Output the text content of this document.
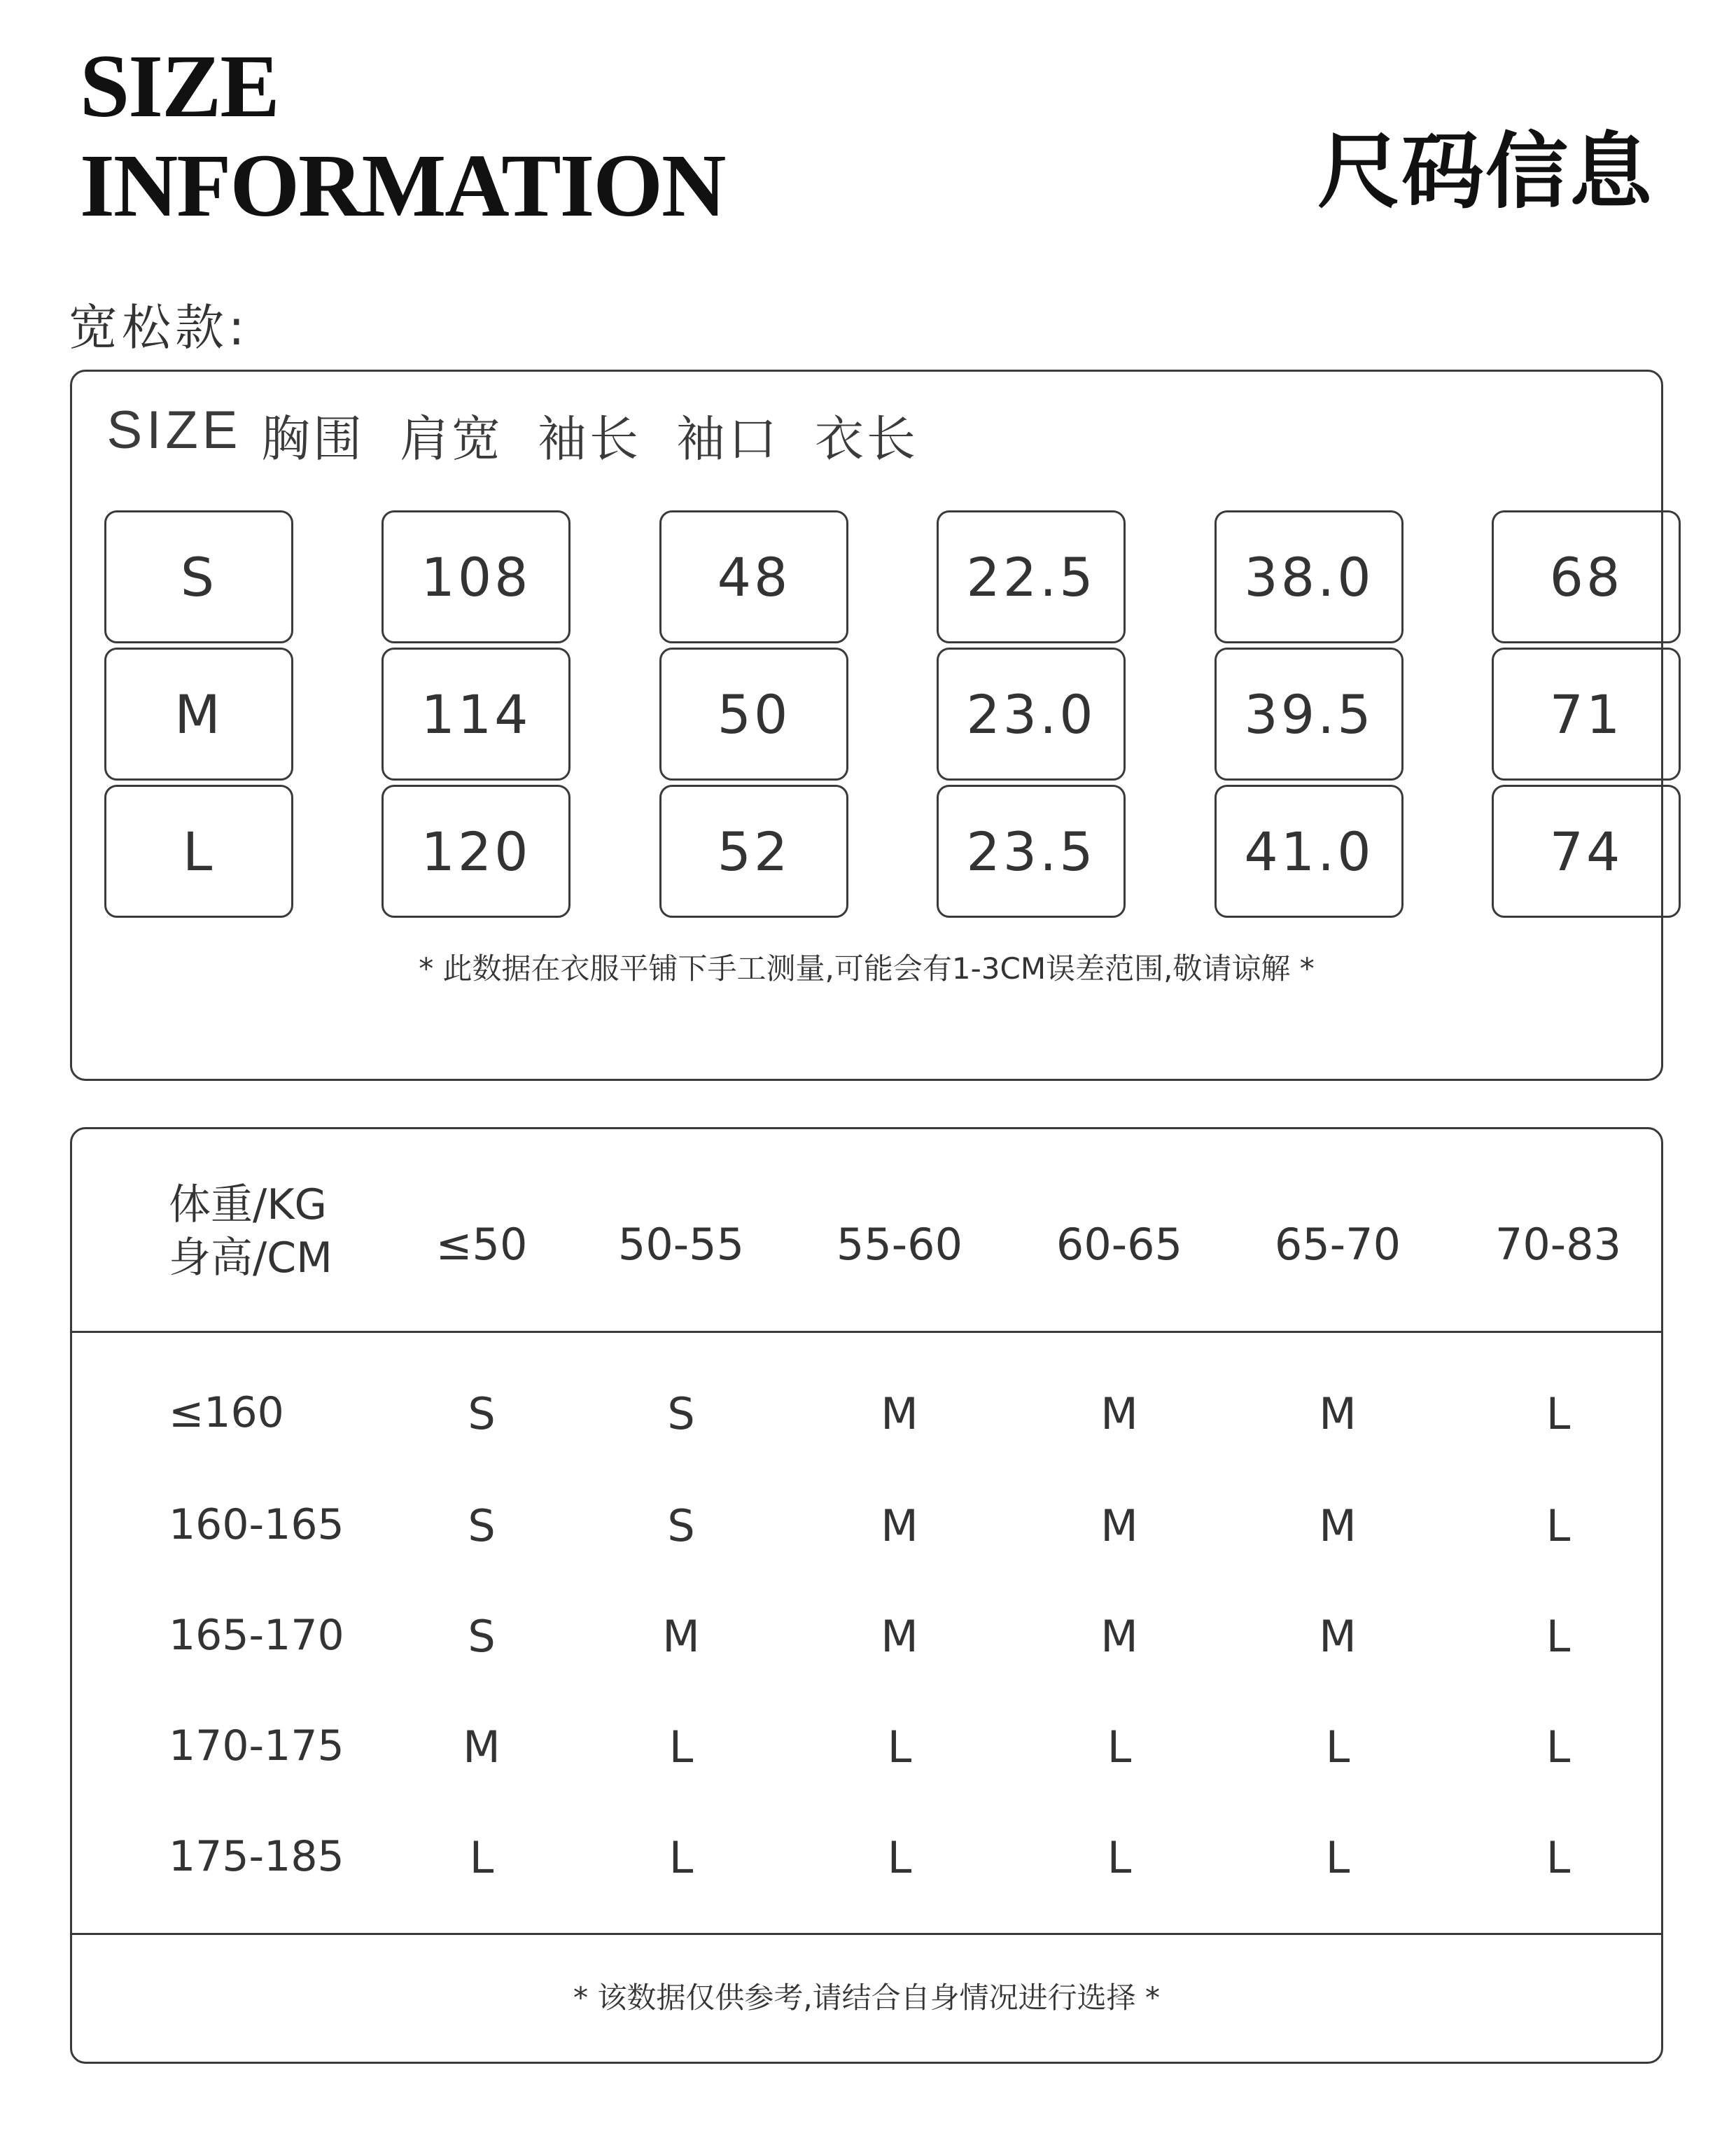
SIZE
INFORMATION	尺码信息
宽松款:
SIZE 胸围 肩宽 袖长 袖口 衣长
S	108	48	22.5	38.0	68
M	114	50	23.0	39.5	71
L	120	52	23.5	41.0	74
* 此数据在衣服平铺下手工测量,可能会有1-3CM误差范围,敬请谅解 *
体重/KG
身高/CM	≤50	50-55	55-60	60-65	65-70	70-83
≤160	S	S	M	M	M	L
160-165	S	S	M	M	M	L
165-170	S	M	M	M	M	L
170-175	M	L	L	L	L	L
175-185	L	L	L	L	L	L
* 该数据仅供参考,请结合自身情况进行选择 *
